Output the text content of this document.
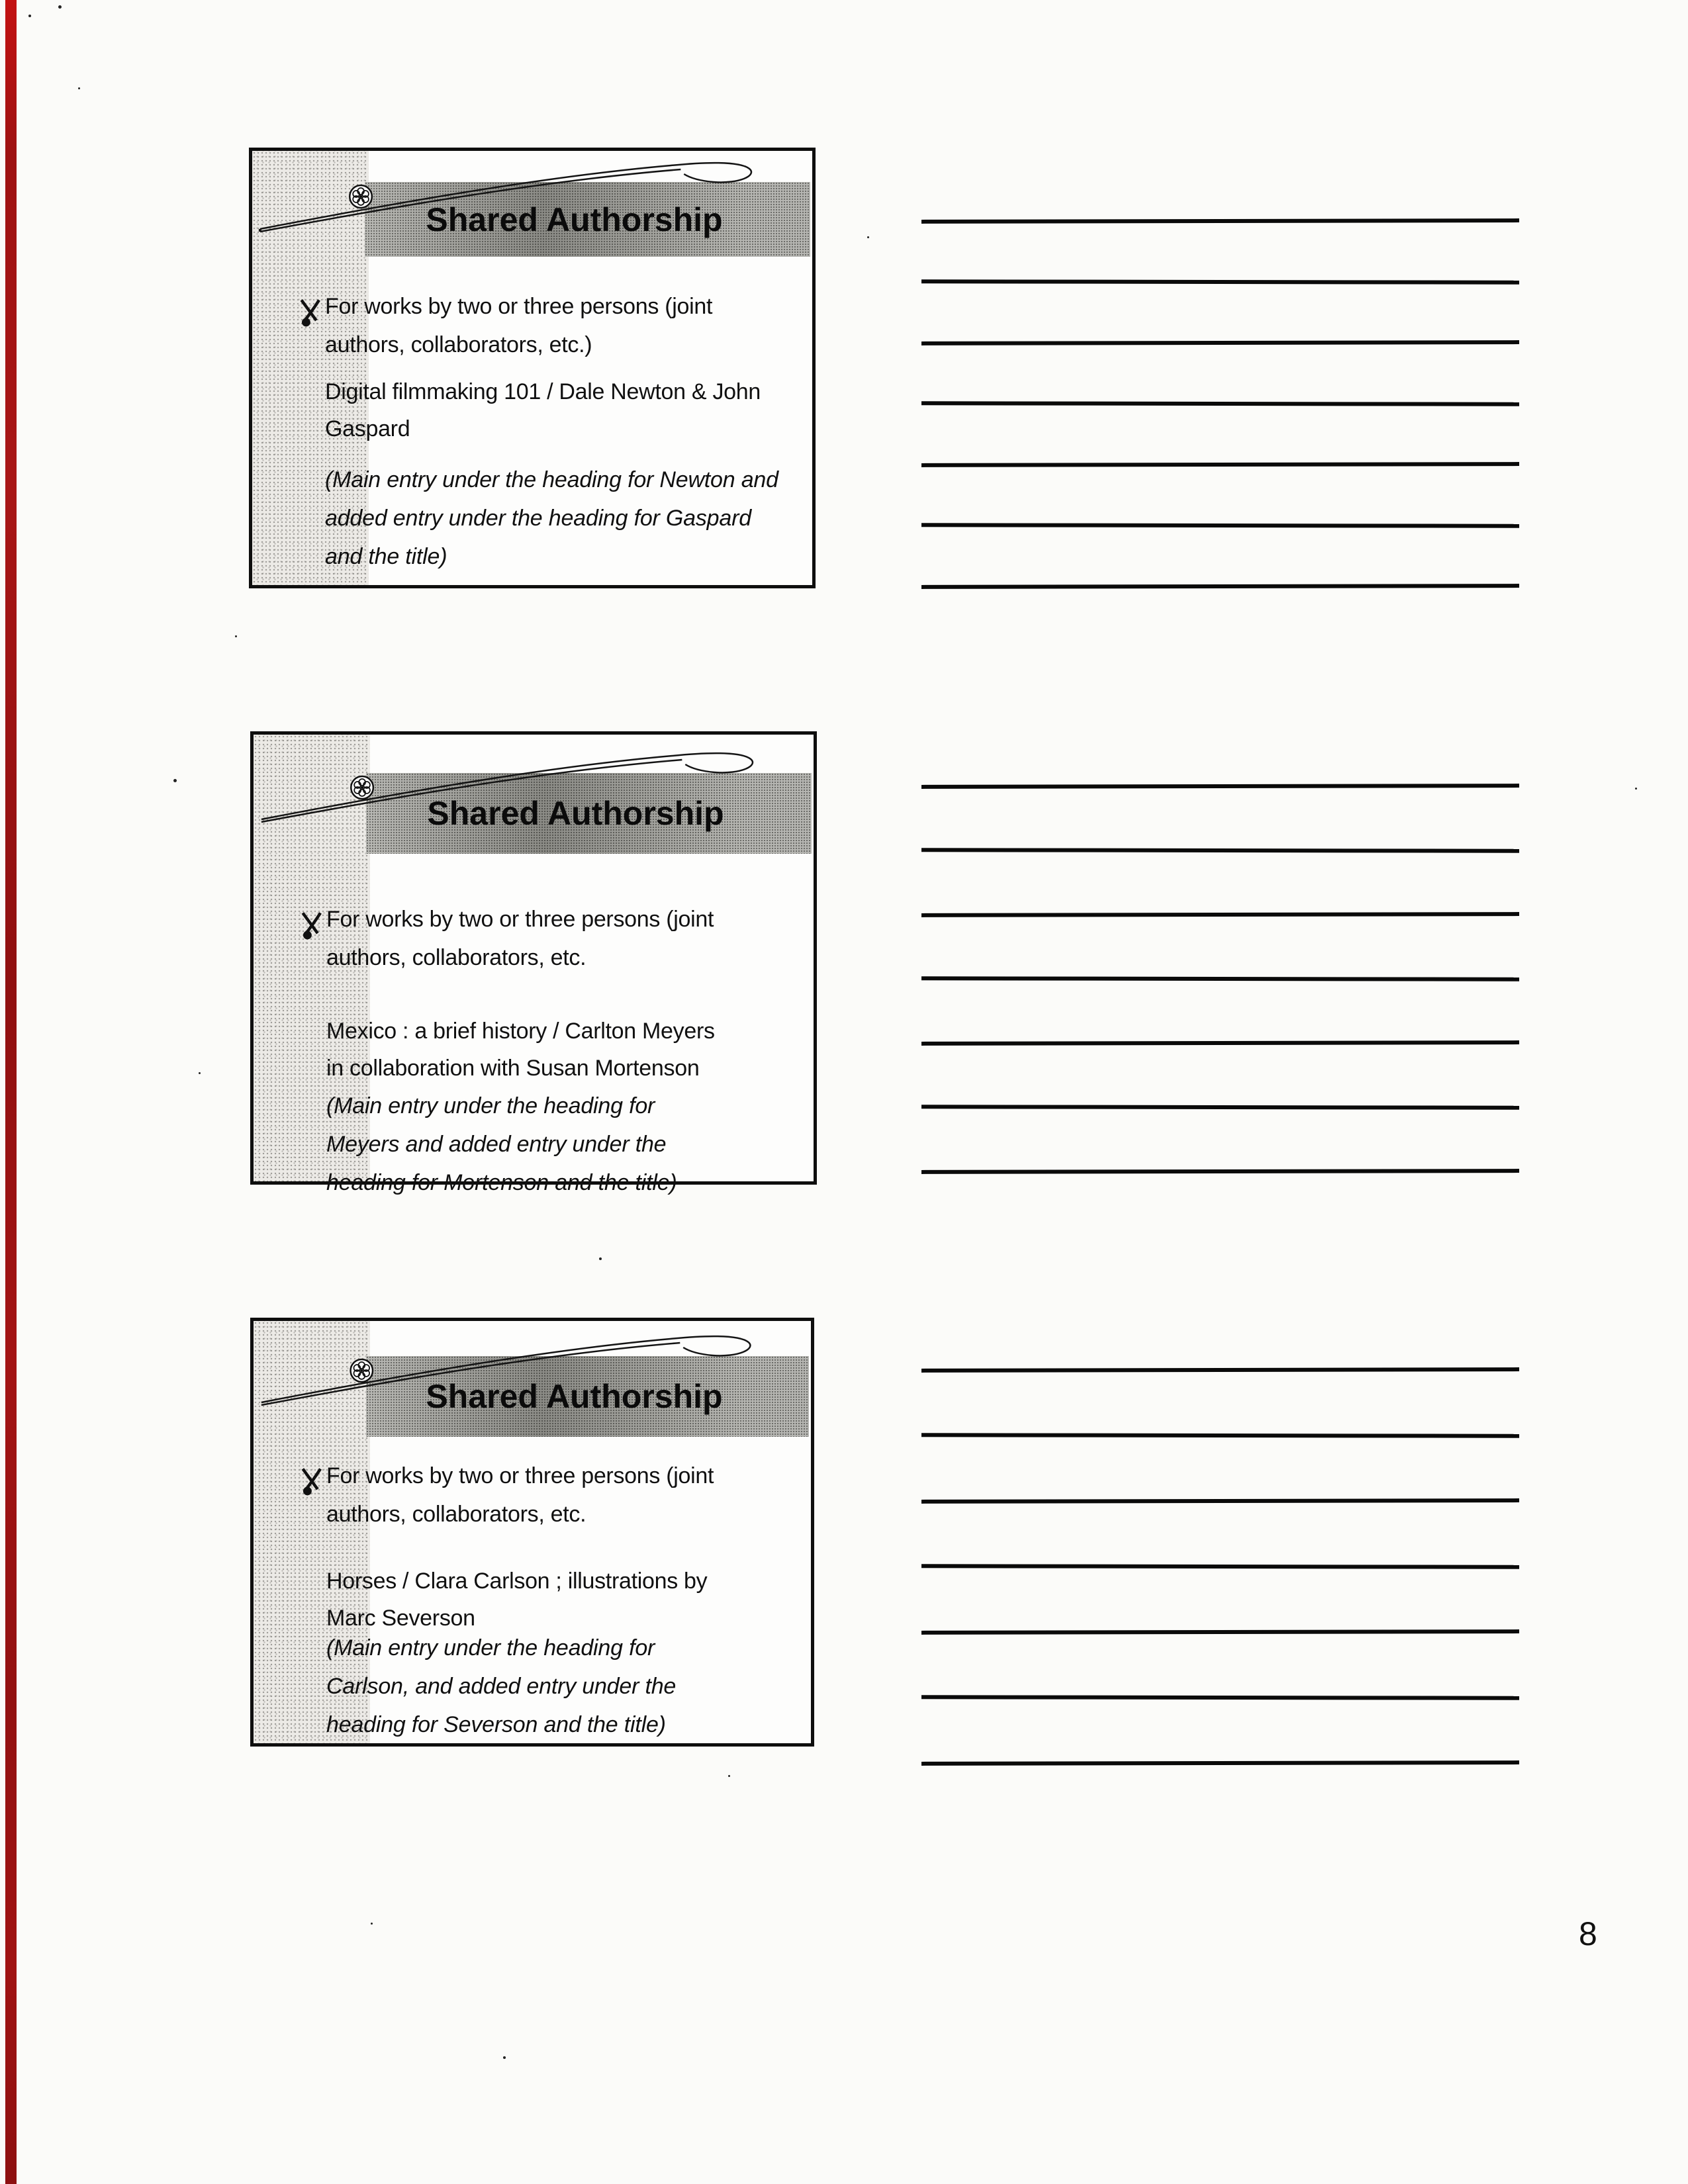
Shared Authorship
For works by two or three persons (joint
authors, collaborators, etc.)
Digital filmmaking 101 / Dale Newton & John
Gaspard
(Main entry under the heading for Newton and
added entry under the heading for Gaspard
and the title)
Shared Authorship
For works by two or three persons (joint
authors, collaborators, etc.
Mexico : a brief history / Carlton Meyers
in collaboration with Susan Mortenson
(Main entry under the heading for
Meyers and added entry under the
heading for Mortenson and the title)
Shared Authorship
For works by two or three persons (joint
authors, collaborators, etc.
Horses / Clara Carlson ; illustrations by
Marc Severson
(Main entry under the heading for
Carlson, and added entry under the
heading for Severson and the title)
8
